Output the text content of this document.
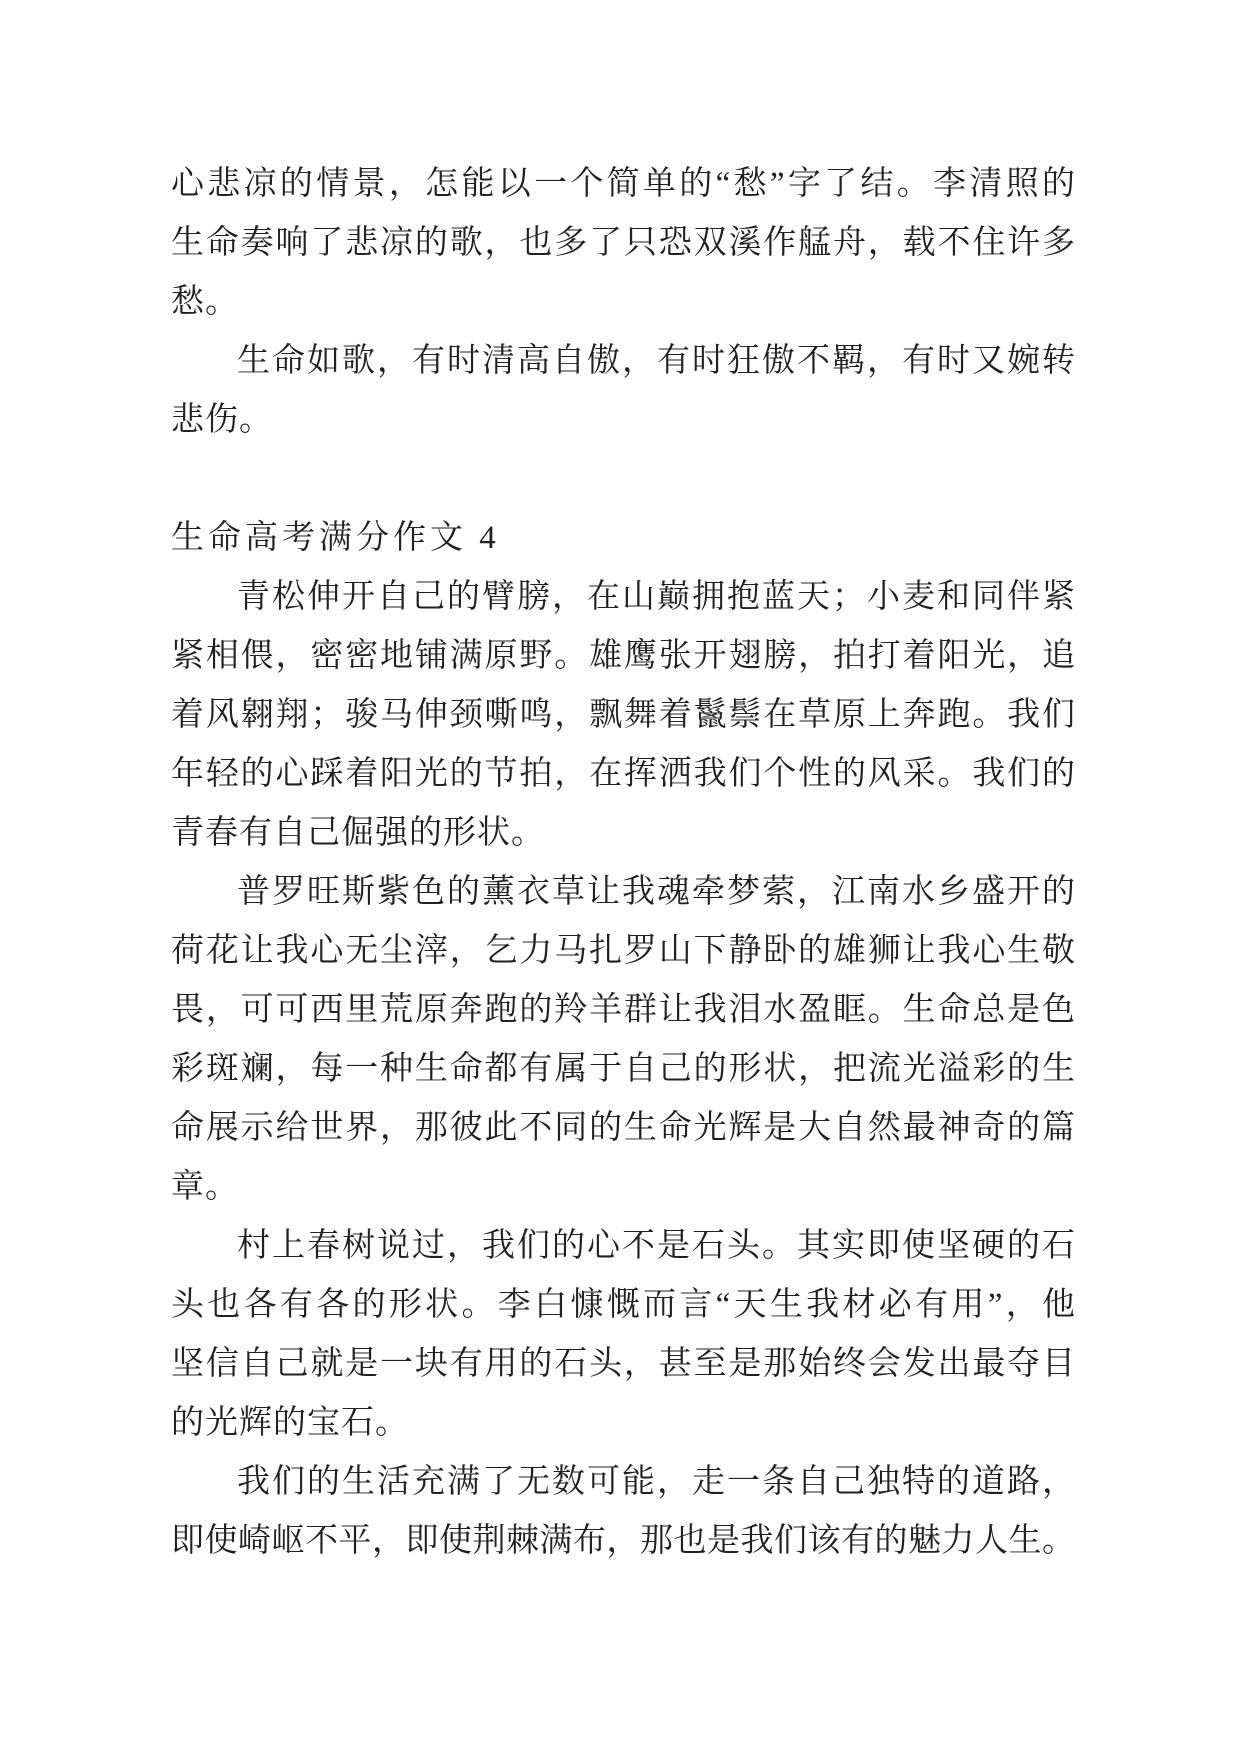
心悲凉的情景，怎能以一个简单的“愁”字了结。李清照的
生命奏响了悲凉的歌，也多了只恐双溪作艋舟，载不住许多
愁。
生命如歌，有时清高自傲，有时狂傲不羁，有时又婉转
悲伤。
生命高考满分作文 4
青松伸开自己的臂膀，在山巅拥抱蓝天；小麦和同伴紧
紧相偎，密密地铺满原野。雄鹰张开翅膀，拍打着阳光，追
着风翱翔；骏马伸颈嘶鸣，飘舞着鬣鬃在草原上奔跑。我们
年轻的心踩着阳光的节拍，在挥洒我们个性的风采。我们的
青春有自己倔强的形状。
普罗旺斯紫色的薰衣草让我魂牵梦萦，江南水乡盛开的
荷花让我心无尘滓，乞力马扎罗山下静卧的雄狮让我心生敬
畏，可可西里荒原奔跑的羚羊群让我泪水盈眶。生命总是色
彩斑斓，每一种生命都有属于自己的形状，把流光溢彩的生
命展示给世界，那彼此不同的生命光辉是大自然最神奇的篇
章。
村上春树说过，我们的心不是石头。其实即使坚硬的石
头也各有各的形状。李白慷慨而言“天生我材必有用”，他
坚信自己就是一块有用的石头，甚至是那始终会发出最夺目
的光辉的宝石。
我们的生活充满了无数可能，走一条自己独特的道路，
即使崎岖不平，即使荆棘满布，那也是我们该有的魅力人生。
